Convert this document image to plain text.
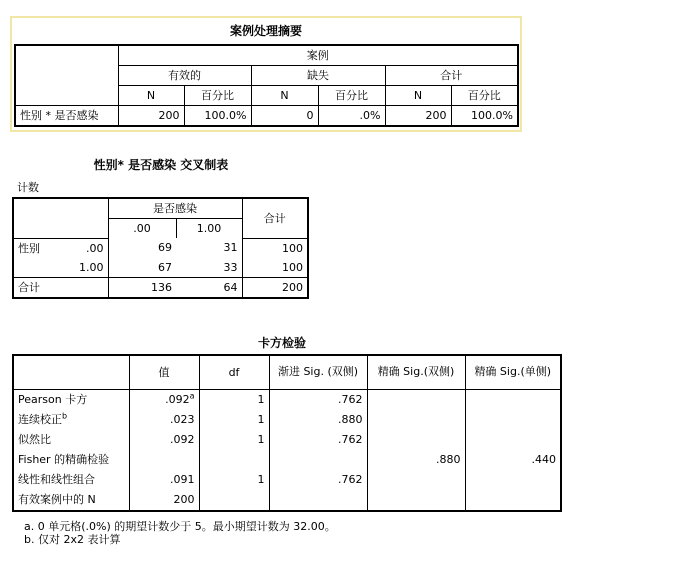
案例处理摘要
	案例					
	有效的		缺失		合计	
	N	百分比	N	百分比	N	百分比
性别 * 是否感染	200	100.0%	0	.0%	200	100.0%
性别* 是否感染 交叉制表
计数
		是否感染		合计
		.00	1.00	
性别	.00	69	31	100
	1.00	67	33	100
合计		136	64	200
卡方检验
	值	df	渐进 Sig. (双侧)	精确 Sig.(双侧)	精确 Sig.(单侧)
Pearson 卡方	.092$^a$	1	.762		
连续校正$^b$	.023	1	.880		
似然比	.092	1	.762		
Fisher 的精确检验				.880	.440
线性和线性组合	.091	1	.762		
有效案例中的 N	200				
a. 0 单元格(.0%) 的期望计数少于 5。最小期望计数为 32.00。
b. 仅对 2x2 表计算
